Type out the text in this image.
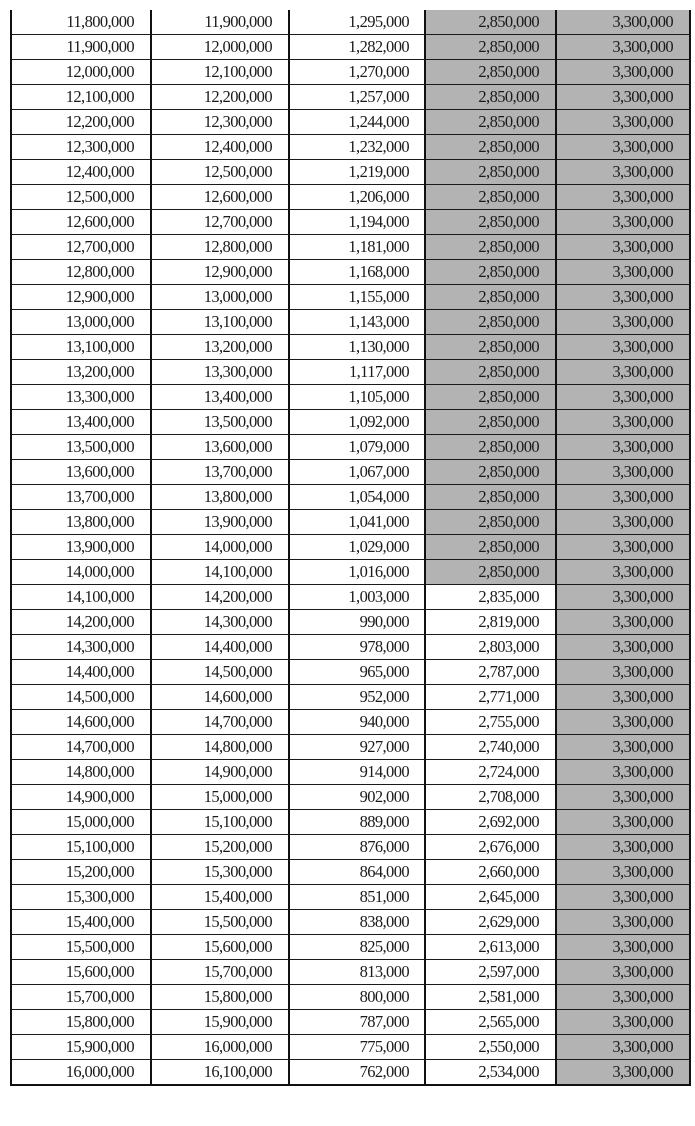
11,800,000	11,900,000	1,295,000	2,850,000	3,300,000
11,900,000	12,000,000	1,282,000	2,850,000	3,300,000
12,000,000	12,100,000	1,270,000	2,850,000	3,300,000
12,100,000	12,200,000	1,257,000	2,850,000	3,300,000
12,200,000	12,300,000	1,244,000	2,850,000	3,300,000
12,300,000	12,400,000	1,232,000	2,850,000	3,300,000
12,400,000	12,500,000	1,219,000	2,850,000	3,300,000
12,500,000	12,600,000	1,206,000	2,850,000	3,300,000
12,600,000	12,700,000	1,194,000	2,850,000	3,300,000
12,700,000	12,800,000	1,181,000	2,850,000	3,300,000
12,800,000	12,900,000	1,168,000	2,850,000	3,300,000
12,900,000	13,000,000	1,155,000	2,850,000	3,300,000
13,000,000	13,100,000	1,143,000	2,850,000	3,300,000
13,100,000	13,200,000	1,130,000	2,850,000	3,300,000
13,200,000	13,300,000	1,117,000	2,850,000	3,300,000
13,300,000	13,400,000	1,105,000	2,850,000	3,300,000
13,400,000	13,500,000	1,092,000	2,850,000	3,300,000
13,500,000	13,600,000	1,079,000	2,850,000	3,300,000
13,600,000	13,700,000	1,067,000	2,850,000	3,300,000
13,700,000	13,800,000	1,054,000	2,850,000	3,300,000
13,800,000	13,900,000	1,041,000	2,850,000	3,300,000
13,900,000	14,000,000	1,029,000	2,850,000	3,300,000
14,000,000	14,100,000	1,016,000	2,850,000	3,300,000
14,100,000	14,200,000	1,003,000	2,835,000	3,300,000
14,200,000	14,300,000	990,000	2,819,000	3,300,000
14,300,000	14,400,000	978,000	2,803,000	3,300,000
14,400,000	14,500,000	965,000	2,787,000	3,300,000
14,500,000	14,600,000	952,000	2,771,000	3,300,000
14,600,000	14,700,000	940,000	2,755,000	3,300,000
14,700,000	14,800,000	927,000	2,740,000	3,300,000
14,800,000	14,900,000	914,000	2,724,000	3,300,000
14,900,000	15,000,000	902,000	2,708,000	3,300,000
15,000,000	15,100,000	889,000	2,692,000	3,300,000
15,100,000	15,200,000	876,000	2,676,000	3,300,000
15,200,000	15,300,000	864,000	2,660,000	3,300,000
15,300,000	15,400,000	851,000	2,645,000	3,300,000
15,400,000	15,500,000	838,000	2,629,000	3,300,000
15,500,000	15,600,000	825,000	2,613,000	3,300,000
15,600,000	15,700,000	813,000	2,597,000	3,300,000
15,700,000	15,800,000	800,000	2,581,000	3,300,000
15,800,000	15,900,000	787,000	2,565,000	3,300,000
15,900,000	16,000,000	775,000	2,550,000	3,300,000
16,000,000	16,100,000	762,000	2,534,000	3,300,000
